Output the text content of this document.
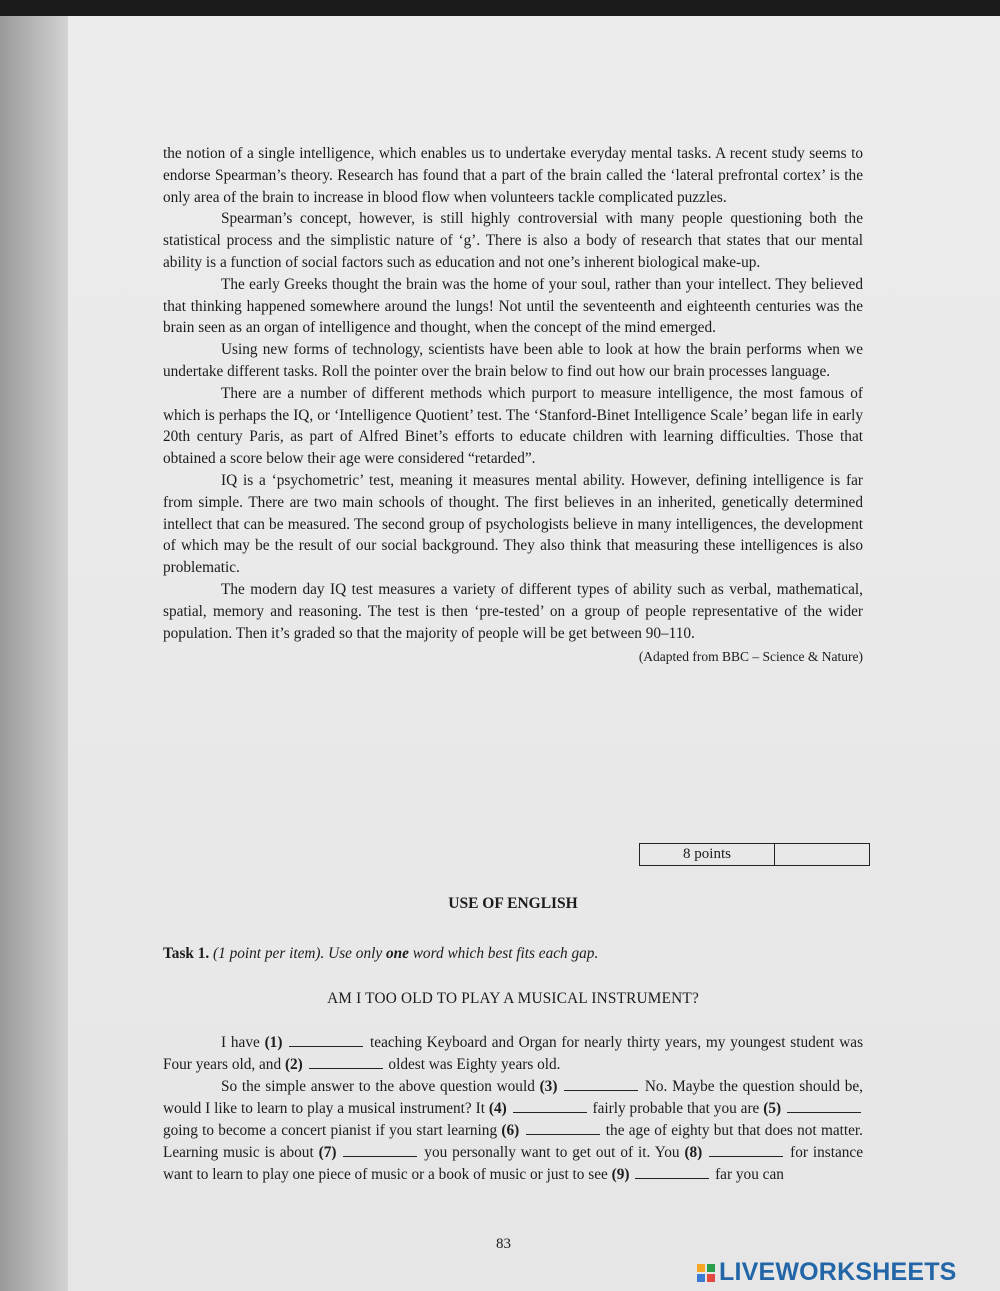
the notion of a single intelligence, which enables us to undertake everyday mental tasks. A recent study seems to endorse Spearman’s theory. Research has found that a part of the brain called the ‘lateral prefrontal cortex’ is the only area of the brain to increase in blood flow when volunteers tackle complicated puzzles.

Spearman’s concept, however, is still highly controversial with many people questioning both the statistical process and the simplistic nature of ‘g’. There is also a body of research that states that our mental ability is a function of social factors such as education and not one’s inherent biological make-up.

The early Greeks thought the brain was the home of your soul, rather than your intellect. They believed that thinking happened somewhere around the lungs! Not until the seventeenth and eighteenth centuries was the brain seen as an organ of intelligence and thought, when the concept of the mind emerged.

Using new forms of technology, scientists have been able to look at how the brain performs when we undertake different tasks. Roll the pointer over the brain below to find out how our brain processes language.

There are a number of different methods which purport to measure intelligence, the most famous of which is perhaps the IQ, or ‘Intelligence Quotient’ test. The ‘Stanford-Binet Intelligence Scale’ began life in early 20th century Paris, as part of Alfred Binet’s efforts to educate children with learning difficulties. Those that obtained a score below their age were considered “retarded”.

IQ is a ‘psychometric’ test, meaning it measures mental ability. However, defining intelligence is far from simple. There are two main schools of thought. The first believes in an inherited, genetically determined intellect that can be measured. The second group of psychologists believe in many intelligences, the development of which may be the result of our social background. They also think that measuring these intelligences is also problematic.

The modern day IQ test measures a variety of different types of ability such as verbal, mathematical, spatial, memory and reasoning. The test is then ‘pre-tested’ on a group of people representative of the wider population. Then it’s graded so that the majority of people will be get between 90–110.

(Adapted from BBC – Science & Nature)

8 points
USE OF ENGLISH
Task 1. (1 point per item). Use only one word which best fits each gap.
AM I TOO OLD TO PLAY A MUSICAL INSTRUMENT?

I have (1)	teaching Keyboard and Organ for nearly thirty years, my youngest student was Four years old, and (2)	oldest was Eighty years old.

So the simple answer to the above question would (3)	No. Maybe the question should be, would I like to learn to play a musical instrument? It (4)	fairly probable that you are (5)  going to become a concert pianist if you start learning (6)	the age of eighty but that does not matter. Learning music is about (7)	you personally want to get out of it. You (8)	for instance want to learn to play one piece of music or a book of music or just to see (9)	far you can

83
LIVEWORKSHEETS
